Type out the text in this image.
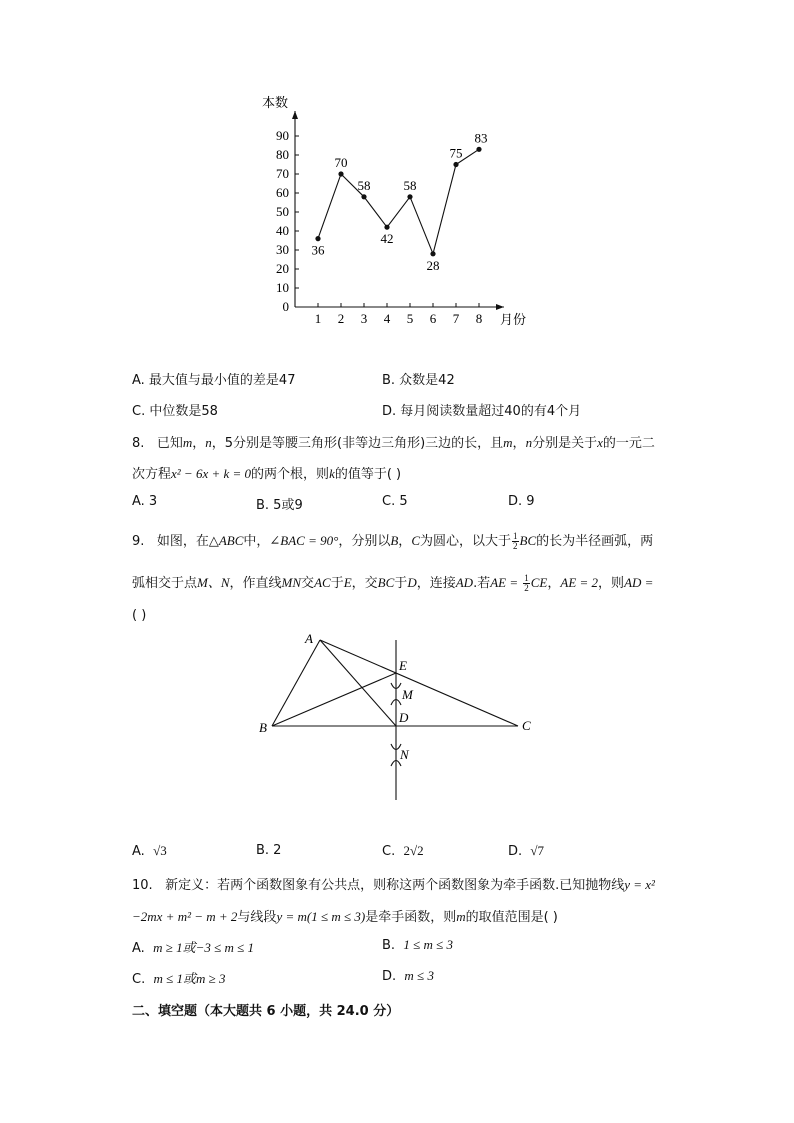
0
10
20
30
40
50
60
70
80
90
1 2 3 4 5 6 7 8
36
70
58
42
58
28
75
83
本数
月份
A. 最大值与最小值的差是47	B. 众数是42
C. 中位数是58	D. 每月阅读数量超过40的有4个月
8. 已知m，n，5分别是等腰三角形(非等边三角形)三边的长，且m，n分别是关于x的一元二
次方程x² − 6x + k = 0的两个根，则k的值等于( )
A. 3	B. 5或9	C. 5	D. 9
9. 如图，在△ABC中，∠BAC = 90°，分别以B，C为圆心，以大于 $\frac{1}{2}$ BC的长为半径画弧，两
弧相交于点M、N，作直线MN交AC于E，交BC于D，连接AD.若AE = $\frac{1}{2}$ CE，AE = 2，则AD =
( )
A
B	C
D
E
M
N
A. √3	B. 2	C. 2√2	D. √7
10. 新定义：若两个函数图象有公共点，则称这两个函数图象为牵手函数.已知抛物线y = x²
−2mx + m² − m + 2与线段y = m(1 ≤ m ≤ 3)是牵手函数，则m的取值范围是( )
A. m ≥ 1或−3 ≤ m ≤ 1	B. 1 ≤ m ≤ 3
C. m ≤ 1或m ≥ 3	D. m ≤ 3
二、填空题（本大题共 6 小题，共 24.0 分）
